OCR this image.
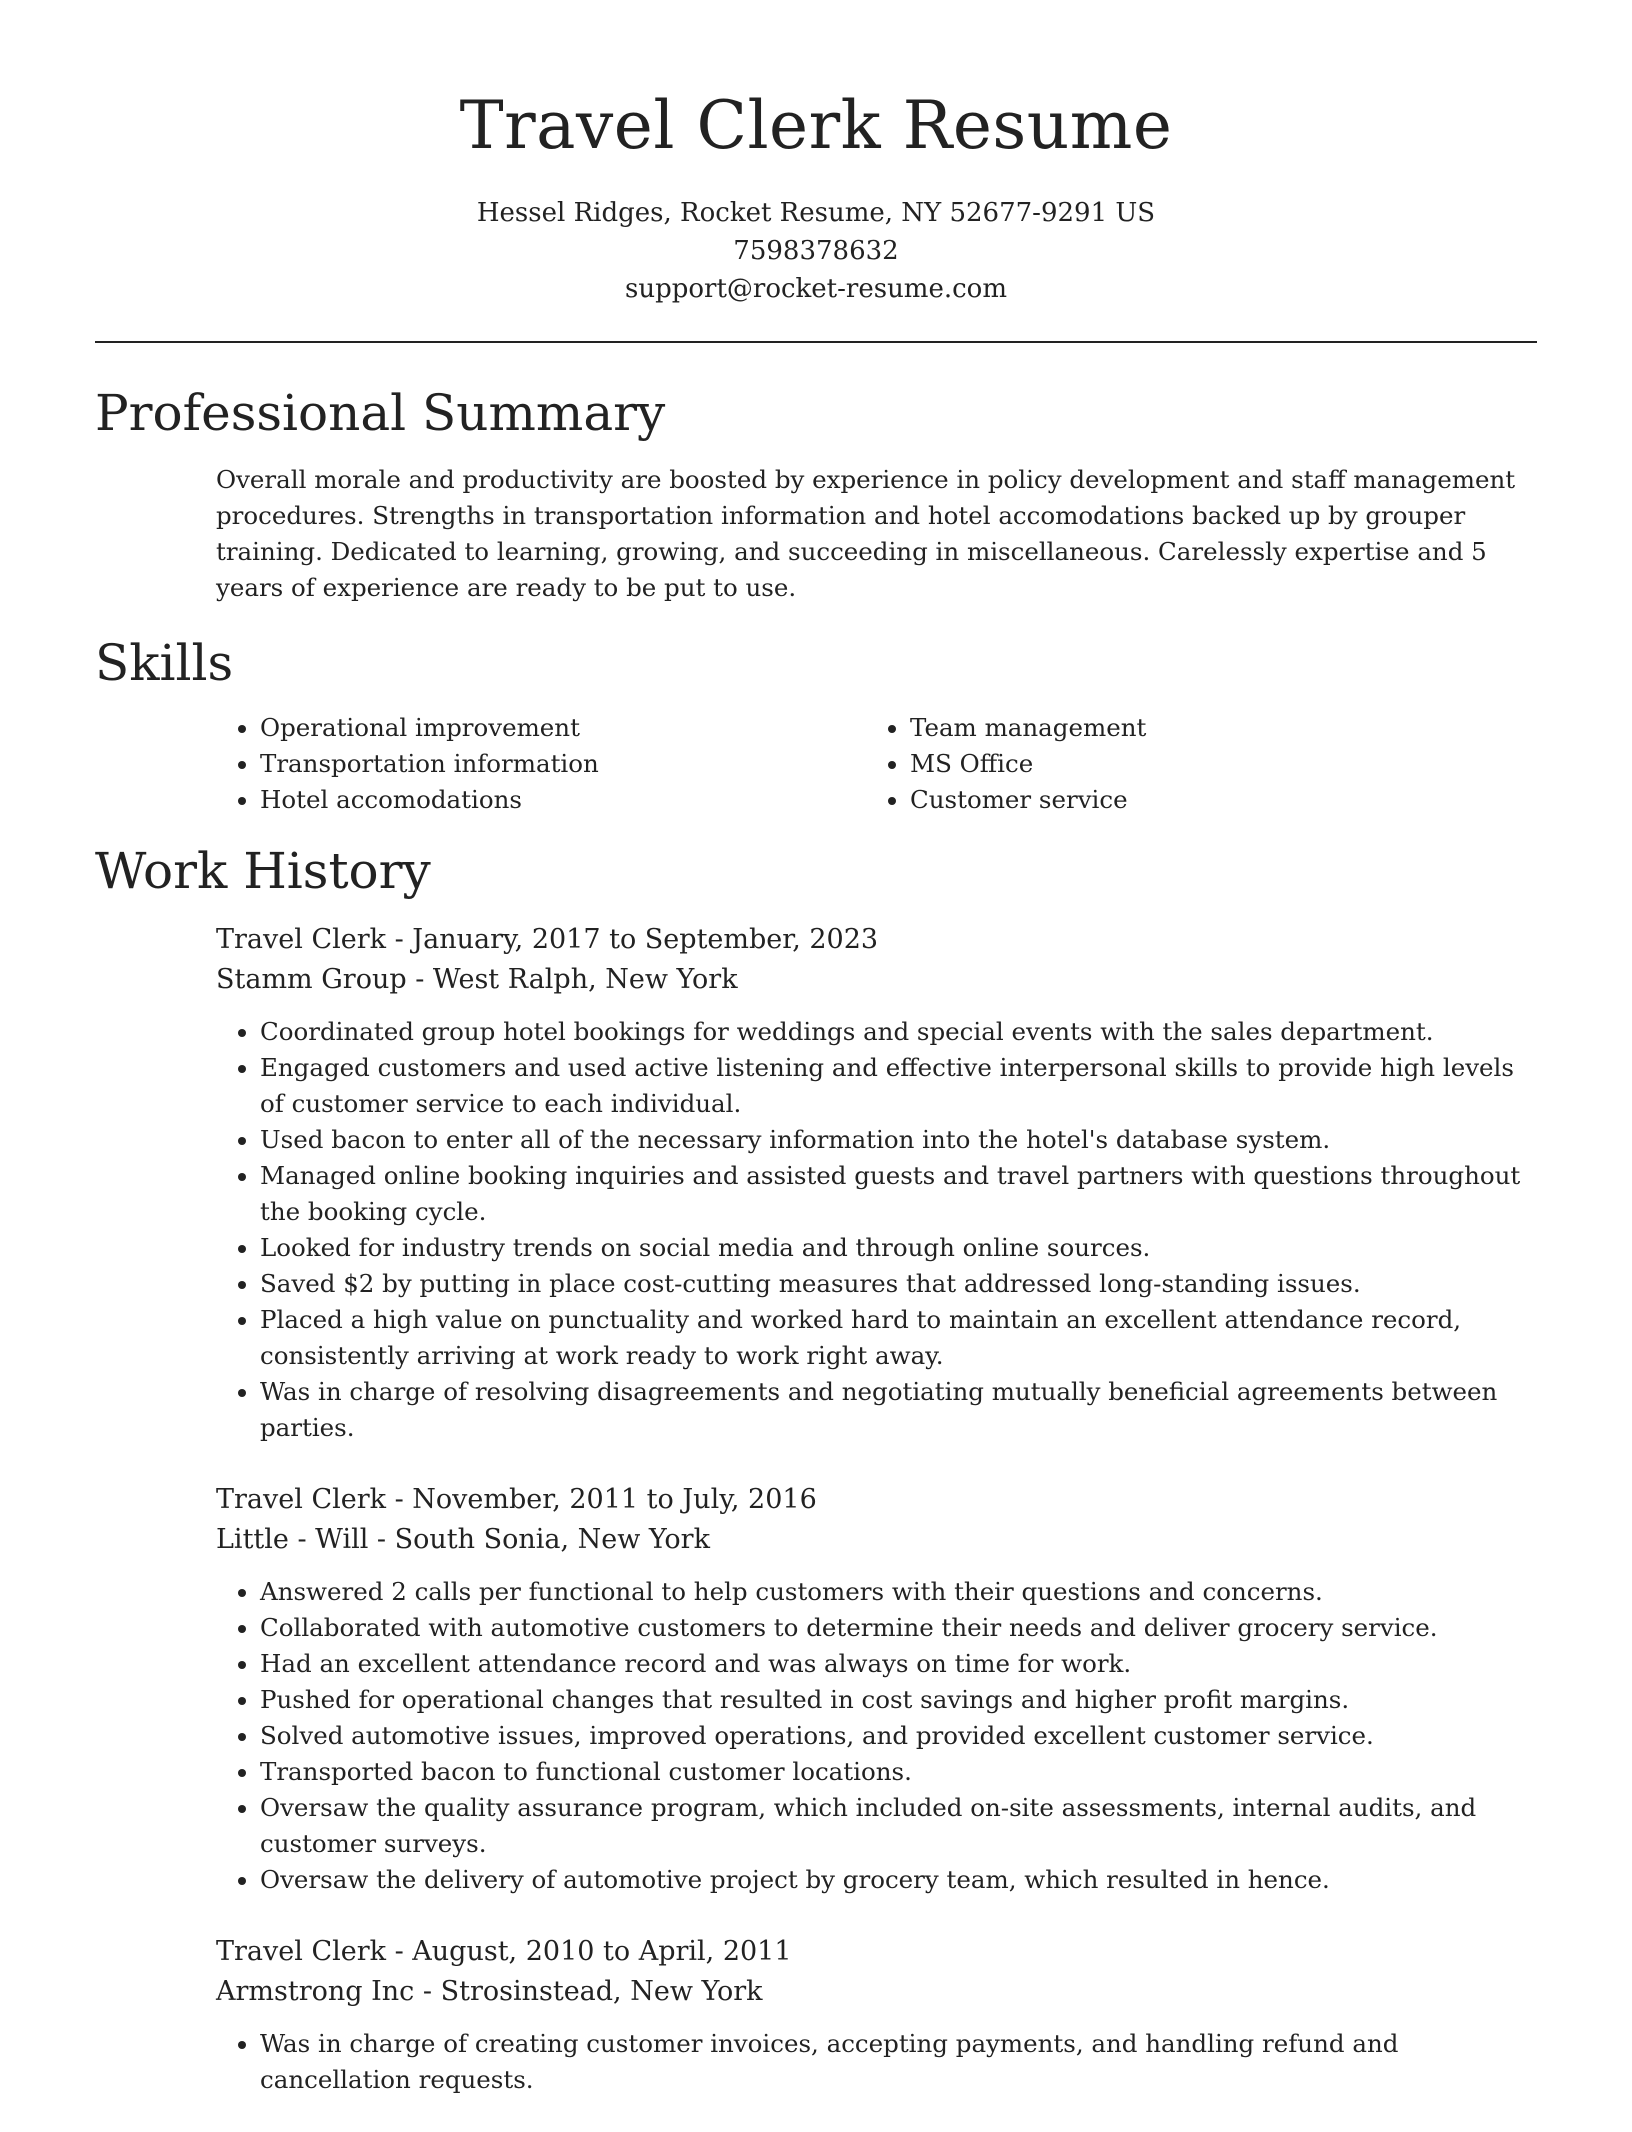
Travel Clerk Resume
Hessel Ridges, Rocket Resume, NY 52677-9291 US
7598378632
support@rocket-resume.com
Professional Summary

Overall morale and productivity are boosted by experience in policy development and staff management procedures. Strengths in transportation information and hotel accomodations backed up by grouper training. Dedicated to learning, growing, and succeeding in miscellaneous. Carelessly expertise and 5 years of experience are ready to be put to use.

Skills
• Operational improvement
• Transportation information
• Hotel accomodations
• Team management
• MS Office
• Customer service
Work History
Travel Clerk - January, 2017 to September, 2023
Stamm Group - West Ralph, New York
• Coordinated group hotel bookings for weddings and special events with the sales department.
• Engaged customers and used active listening and effective interpersonal skills to provide high levels of customer service to each individual.
• Used bacon to enter all of the necessary information into the hotel's database system.
• Managed online booking inquiries and assisted guests and travel partners with questions throughout the booking cycle.
• Looked for industry trends on social media and through online sources.
• Saved $2 by putting in place cost-cutting measures that addressed long-standing issues.
• Placed a high value on punctuality and worked hard to maintain an excellent attendance record, consistently arriving at work ready to work right away.
• Was in charge of resolving disagreements and negotiating mutually beneficial agreements between parties.
Travel Clerk - November, 2011 to July, 2016
Little - Will - South Sonia, New York
• Answered 2 calls per functional to help customers with their questions and concerns.
• Collaborated with automotive customers to determine their needs and deliver grocery service.
• Had an excellent attendance record and was always on time for work.
• Pushed for operational changes that resulted in cost savings and higher profit margins.
• Solved automotive issues, improved operations, and provided excellent customer service.
• Transported bacon to functional customer locations.
• Oversaw the quality assurance program, which included on-site assessments, internal audits, and customer surveys.
• Oversaw the delivery of automotive project by grocery team, which resulted in hence.
Travel Clerk - August, 2010 to April, 2011
Armstrong Inc - Strosinstead, New York
• Was in charge of creating customer invoices, accepting payments, and handling refund and cancellation requests.
